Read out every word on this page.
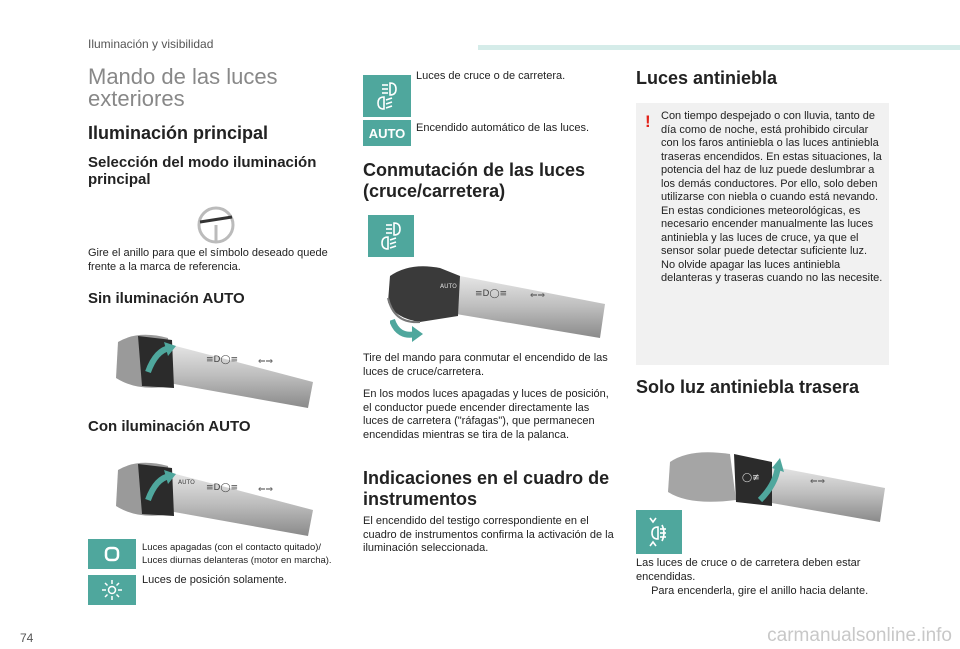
Iluminación y visibilidad
Mando de las luces exteriores
Iluminación principal
Selección del modo iluminación principal
Gire el anillo para que el símbolo deseado quede frente a la marca de referencia.
Sin iluminación AUTO
≡D◯≡ ⇐⇒
Con iluminación AUTO
AUTO
≡D◯≡ ⇐⇒
Luces apagadas (con el contacto quitado)/
Luces diurnas delanteras (motor en marcha).
Luces de posición solamente.
Luces de cruce o de carretera.
AUTO Encendido automático de las luces.
Conmutación de las luces (cruce/carretera)
AUTO
≡D◯≡	⇐⇒
Tire del mando para conmutar el encendido de las luces de cruce/carretera.
En los modos luces apagadas y luces de posición, el conductor puede encender directamente las luces de carretera ("ráfagas"), que permanecen encendidas mientras se tira de la palanca.
Indicaciones en el cuadro de instrumentos
El encendido del testigo correspondiente en el cuadro de instrumentos confirma la activación de la iluminación seleccionada.
Luces antiniebla
! Con tiempo despejado o con lluvia, tanto de día como de noche, está prohibido circular con los faros antiniebla o las luces antiniebla traseras encendidos. En estas situaciones, la potencia del haz de luz puede deslumbrar a los demás conductores. Por ello, solo deben utilizarse con niebla o cuando está nevando. En estas condiciones meteorológicas, es necesario encender manualmente las luces antiniebla y las luces de cruce, ya que el sensor solar puede detectar suficiente luz. No olvide apagar las luces antiniebla delanteras y traseras cuando no las necesite.
Solo luz antiniebla trasera
◯≢	⇐⇒
Las luces de cruce o de carretera deben estar encendidas.
Para encenderla, gire el anillo hacia delante.
74	carmanualsonline.info
